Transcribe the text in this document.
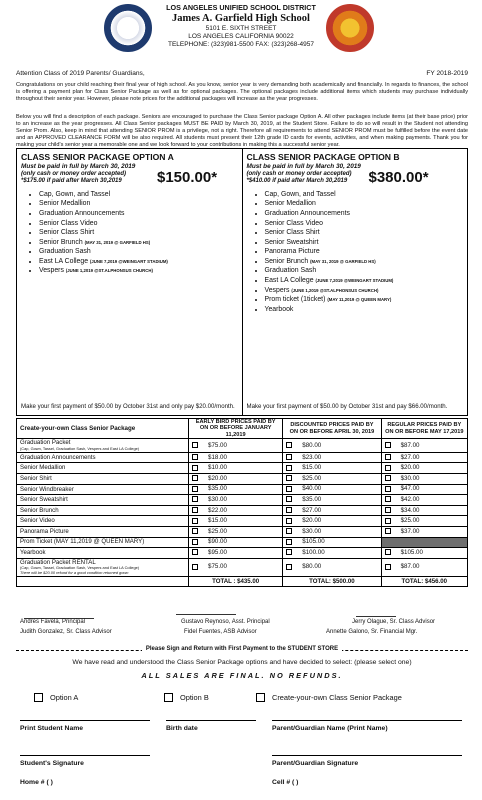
LOS ANGELES UNIFIED SCHOOL DISTRICT
James A. Garfield High School
5101 E. SIXTH STREET
LOS ANGELES CALIFORNIA 90022
TELEPHONE: (323)981-5500 FAX: (323)268-4957
Attention Class of 2019 Parents/ Guardians,	FY 2018-2019
Congratulations on your child reaching their final year of high school. As you know, senior year is very demanding both academically and financially. In regards to finances, the school is offering a payment plan for Class Senior Package as well as for optional packages. The optional packages include additional items which students may purchase individually throughout their senior year. However, please note prices for the additional packages will increase as the year progresses.
Below you will find a description of each package. Seniors are encouraged to purchase the Class Senior package Option A. All other packages include items (at their base price) prior to an increase as the year progresses. All Class Senior packages MUST BE PAID by March 30, 2019, at the Student Store. Failure to do so will result in the Student not attending Senior Prom. Also, keep in mind that attending SENIOR PROM is a privilege, not a right. Therefore all requirements to attend SENIOR PROM must be fulfilled before the event date and an APPROVED CLEARANCE FORM will be also required. All students must present their 12th grade ID cards for events, activities, and when making payments. Thank you for making your child's senior year a memorable one and we look forward to your contributions in making this a successful senior year.
CLASS SENIOR PACKAGE OPTION A
Must be paid in full by March 30, 2019
(only cash or money order accepted)
*$175.00 if paid after March 30,2019	$150.00*
• Cap, Gown, and Tassel
• Senior Medallion
• Graduation Announcements
• Senior Class Video
• Senior Class Shirt
• Senior Brunch (MAY 31, 2019 @ GARFIELD HS)
• Graduation Sash
• East LA College (JUNE 7,2019 @WEINGART STADIUM)
• Vespers (JUNE 1,2019 @ST.ALPHONSUS CHURCH)
Make your first payment of $50.00 by October 31st and only pay $20.00/month.
CLASS SENIOR PACKAGE OPTION B
Must be paid in full by March 30, 2019
(only cash or money order accepted)
*$410.00 if paid after March 30,2019	$380.00*
• Cap, Gown, and Tassel
• Senior Medallion
• Graduation Announcements
• Senior Class Video
• Senior Class Shirt
• Senior Sweatshirt
• Panorama Picture
• Senior Brunch (MAY 31, 2019 @ GARFIELD HS)
• Graduation Sash
• East LA College (JUNE 7,2019 @WEINGART STADIUM)
• Vespers (JUNE 1,2019 @ST.ALPHONSUS CHURCH)
• Prom ticket (1ticket) (MAY 11,2019 @ QUEEN MARY)
• Yearbook
Make your first payment of $50.00 by October 31st and pay $66.00/month.
Create-your-own Class Senior Package	EARLY BIRD PRICES PAID BY ON OR BEFORE JANUARY 11,2019	DISCOUNTED PRICES PAID BY ON OR BEFORE APRIL 30, 2019	REGULAR PRICES PAID BY ON OR BEFORE MAY 17,2019
Graduation Packet
(Cap, Gown, Tassel, Graduation Sash, Vespers and East LA College)	$75.00	$80.00	$87.00
Graduation Announcements	$18.00	$23.00	$27.00
Senior Medallion	$10.00	$15.00	$20.00
Senior Shirt	$20.00	$25.00	$30.00
Senior Windbreaker	$35.00	$40.00	$47.00
Senior Sweatshirt	$30.00	$35.00	$42.00
Senior Brunch	$22.00	$27.00	$34.00
Senior Video	$15.00	$20.00	$25.00
Panorama Picture	$25.00	$30.00	$37.00
Prom Ticket (MAY 11,2019 @ QUEEN MARY)	$90.00	$105.00	
Yearbook	$95.00	$100.00	$105.00
Graduation Packet RENTAL
(Cap, Gown, Tassel, Graduation Sash, Vespers and East LA College)
There will be $20.00 refund for a good condition returned gown	$75.00	$80.00	$87.00
	TOTAL : $435.00	TOTAL: $500.00	TOTAL: $456.00
Andres Favela, Principal	Gustavo Reynoso, Asst. Principal	Jerry Olague, Sr. Class Advisor
Judith Gonzalez, Sr. Class Advisor	Fidel Fuentes, ASB Advisor	Annette Galono, Sr. Financial Mgr.
Please Sign and Return with First Payment to the STUDENT STORE
We have read and understood the Class Senior Package options and have decided to select: (please select one)
ALL SALES ARE FINAL. NO REFUNDS.
Option A	Option B	Create-your-own Class Senior Package
Print Student Name	Birth date	Parent/Guardian Name (Print Name)
Student's Signature	Parent/Guardian Signature
Home # ( )	Cell # ( )
